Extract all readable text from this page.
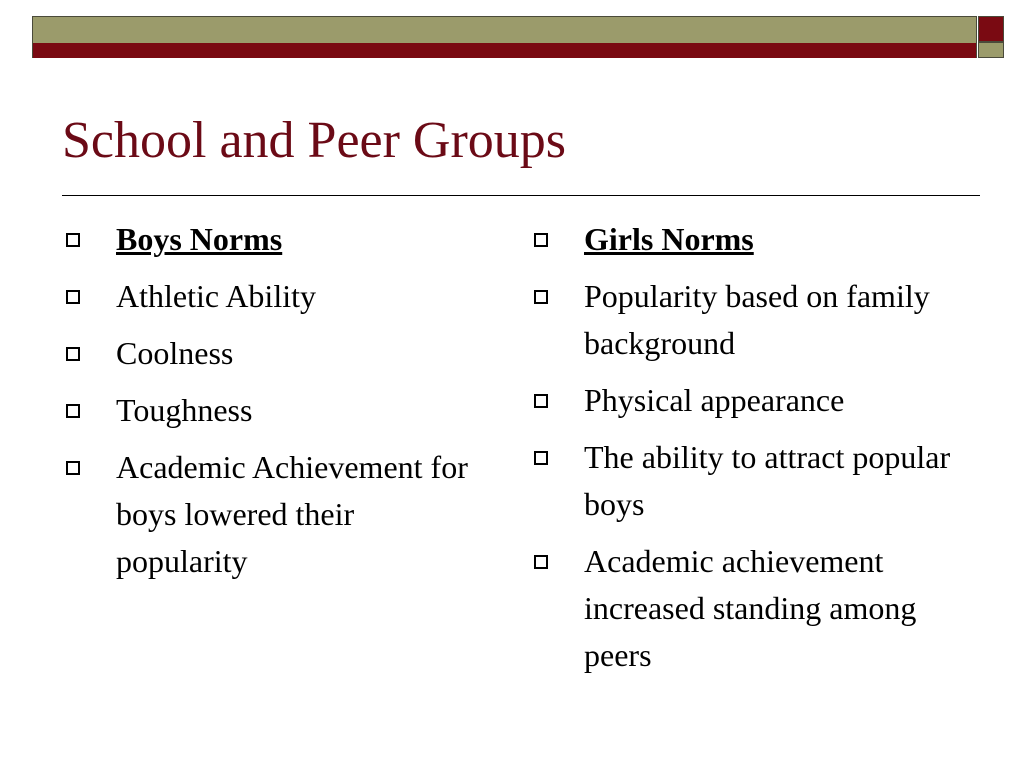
School and Peer Groups
Boys Norms
Athletic Ability
Coolness
Toughness
Academic Achievement for boys lowered their popularity
Girls Norms
Popularity based on family background
Physical appearance
The ability to attract popular boys
Academic achievement increased standing among peers
